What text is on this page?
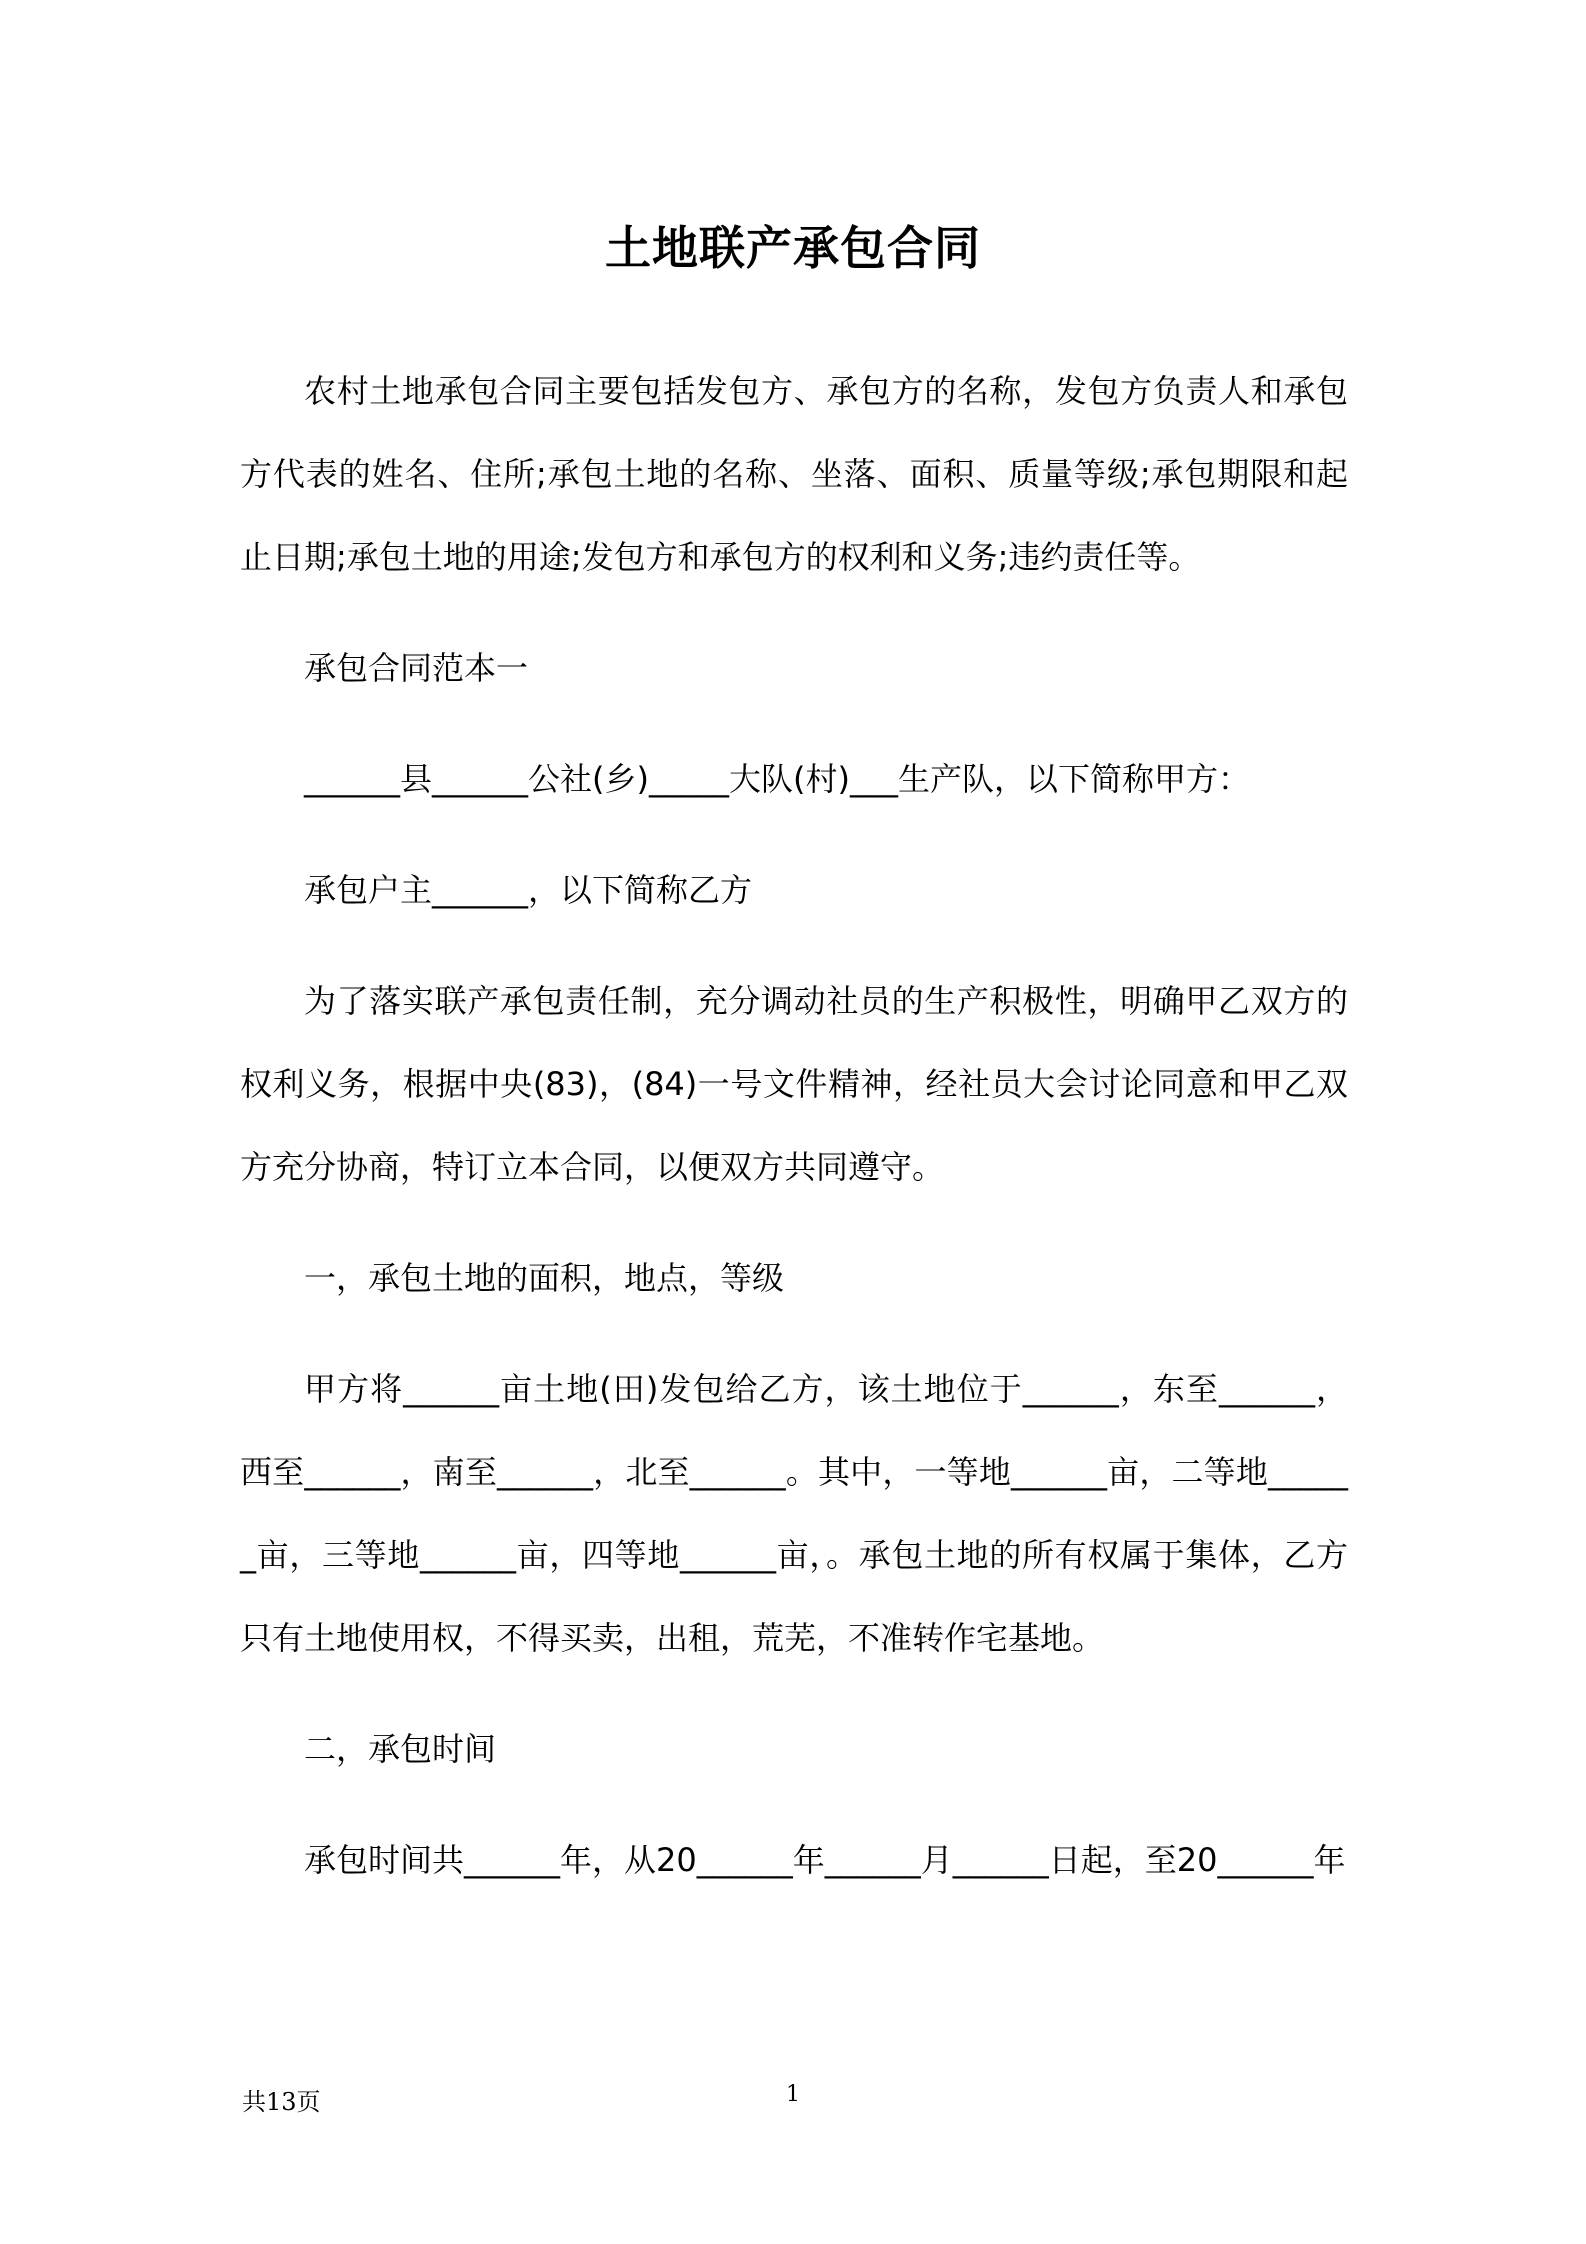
土地联产承包合同

农村土地承包合同主要包括发包方、承包方的名称，发包方负责人和承包方代表的姓名、住所;承包土地的名称、坐落、面积、质量等级;承包期限和起止日期;承包土地的用途;发包方和承包方的权利和义务;违约责任等。

承包合同范本一

______县______公社(乡)_____大队(村)___生产队，以下简称甲方：

承包户主______，以下简称乙方

为了落实联产承包责任制，充分调动社员的生产积极性，明确甲乙双方的权利义务，根据中央(83)，(84)一号文件精神，经社员大会讨论同意和甲乙双方充分协商，特订立本合同，以便双方共同遵守。

一，承包土地的面积，地点，等级

甲方将______亩土地(田)发包给乙方，该土地位于______，东至______，西至______，南至______，北至______。其中，一等地______亩，二等地______亩，三等地______亩，四等地______亩，。承包土地的所有权属于集体，乙方只有土地使用权，不得买卖，出租，荒芜，不准转作宅基地。

二，承包时间

承包时间共______年，从20______年______月______日起，至20______年

共13页	1
